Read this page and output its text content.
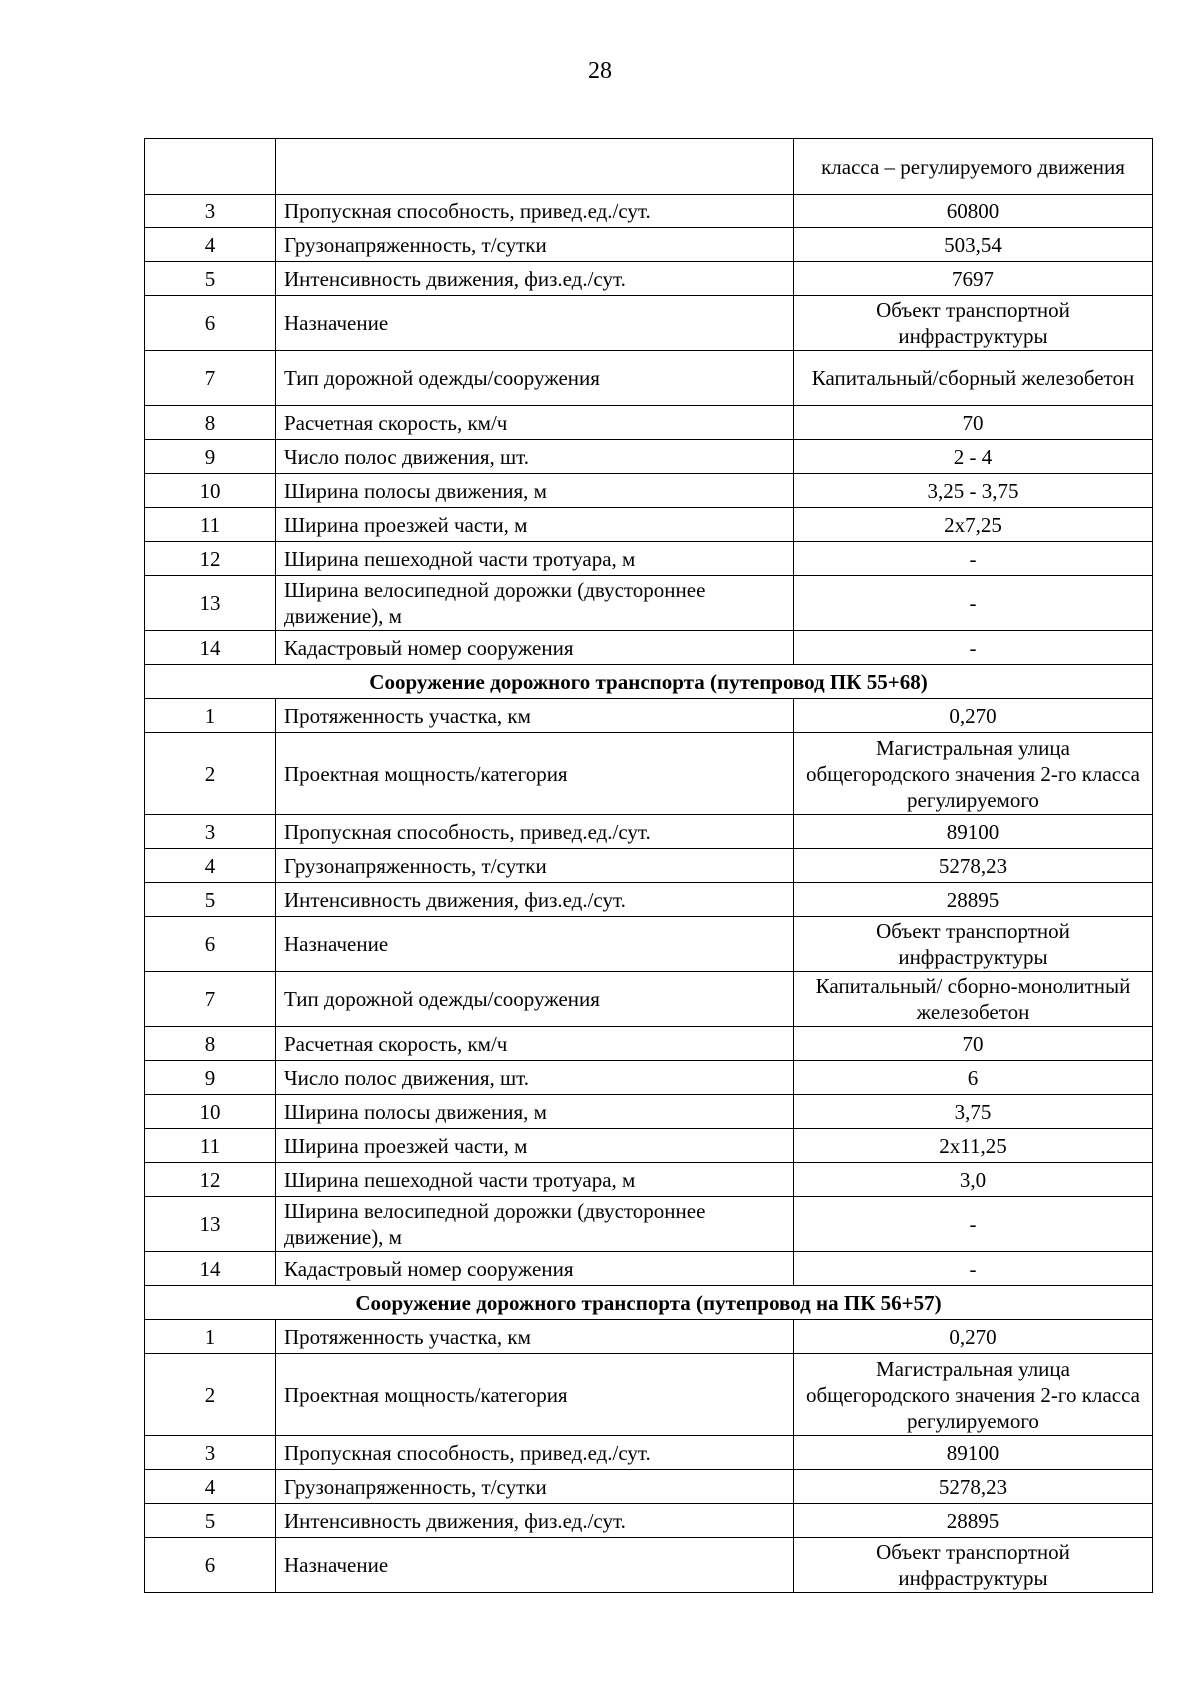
28
		класса – регулируемого движения
3	Пропускная способность, привед.ед./сут.	60800
4	Грузонапряженность, т/сутки	503,54
5	Интенсивность движения, физ.ед./сут.	7697
6	Назначение	Объект транспортной инфраструктуры
7	Тип дорожной одежды/сооружения	Капитальный/сборный железобетон
8	Расчетная скорость, км/ч	70
9	Число полос движения, шт.	2 - 4
10	Ширина полосы движения, м	3,25 - 3,75
11	Ширина проезжей части, м	2х7,25
12	Ширина пешеходной части тротуара, м	-
13	Ширина велосипедной дорожки (двустороннее движение), м	-
14	Кадастровый номер сооружения	-
Сооружение дорожного транспорта (путепровод ПК 55+68)		
1	Протяженность участка, км	0,270
2	Проектная мощность/категория	Магистральная улица общегородского значения 2-го класса регулируемого
3	Пропускная способность, привед.ед./сут.	89100
4	Грузонапряженность, т/сутки	5278,23
5	Интенсивность движения, физ.ед./сут.	28895
6	Назначение	Объект транспортной инфраструктуры
7	Тип дорожной одежды/сооружения	Капитальный/ сборно-монолитный железобетон
8	Расчетная скорость, км/ч	70
9	Число полос движения, шт.	6
10	Ширина полосы движения, м	3,75
11	Ширина проезжей части, м	2х11,25
12	Ширина пешеходной части тротуара, м	3,0
13	Ширина велосипедной дорожки (двустороннее движение), м	-
14	Кадастровый номер сооружения	-
Сооружение дорожного транспорта (путепровод на ПК 56+57)		
1	Протяженность участка, км	0,270
2	Проектная мощность/категория	Магистральная улица общегородского значения 2-го класса регулируемого
3	Пропускная способность, привед.ед./сут.	89100
4	Грузонапряженность, т/сутки	5278,23
5	Интенсивность движения, физ.ед./сут.	28895
6	Назначение	Объект транспортной инфраструктуры
